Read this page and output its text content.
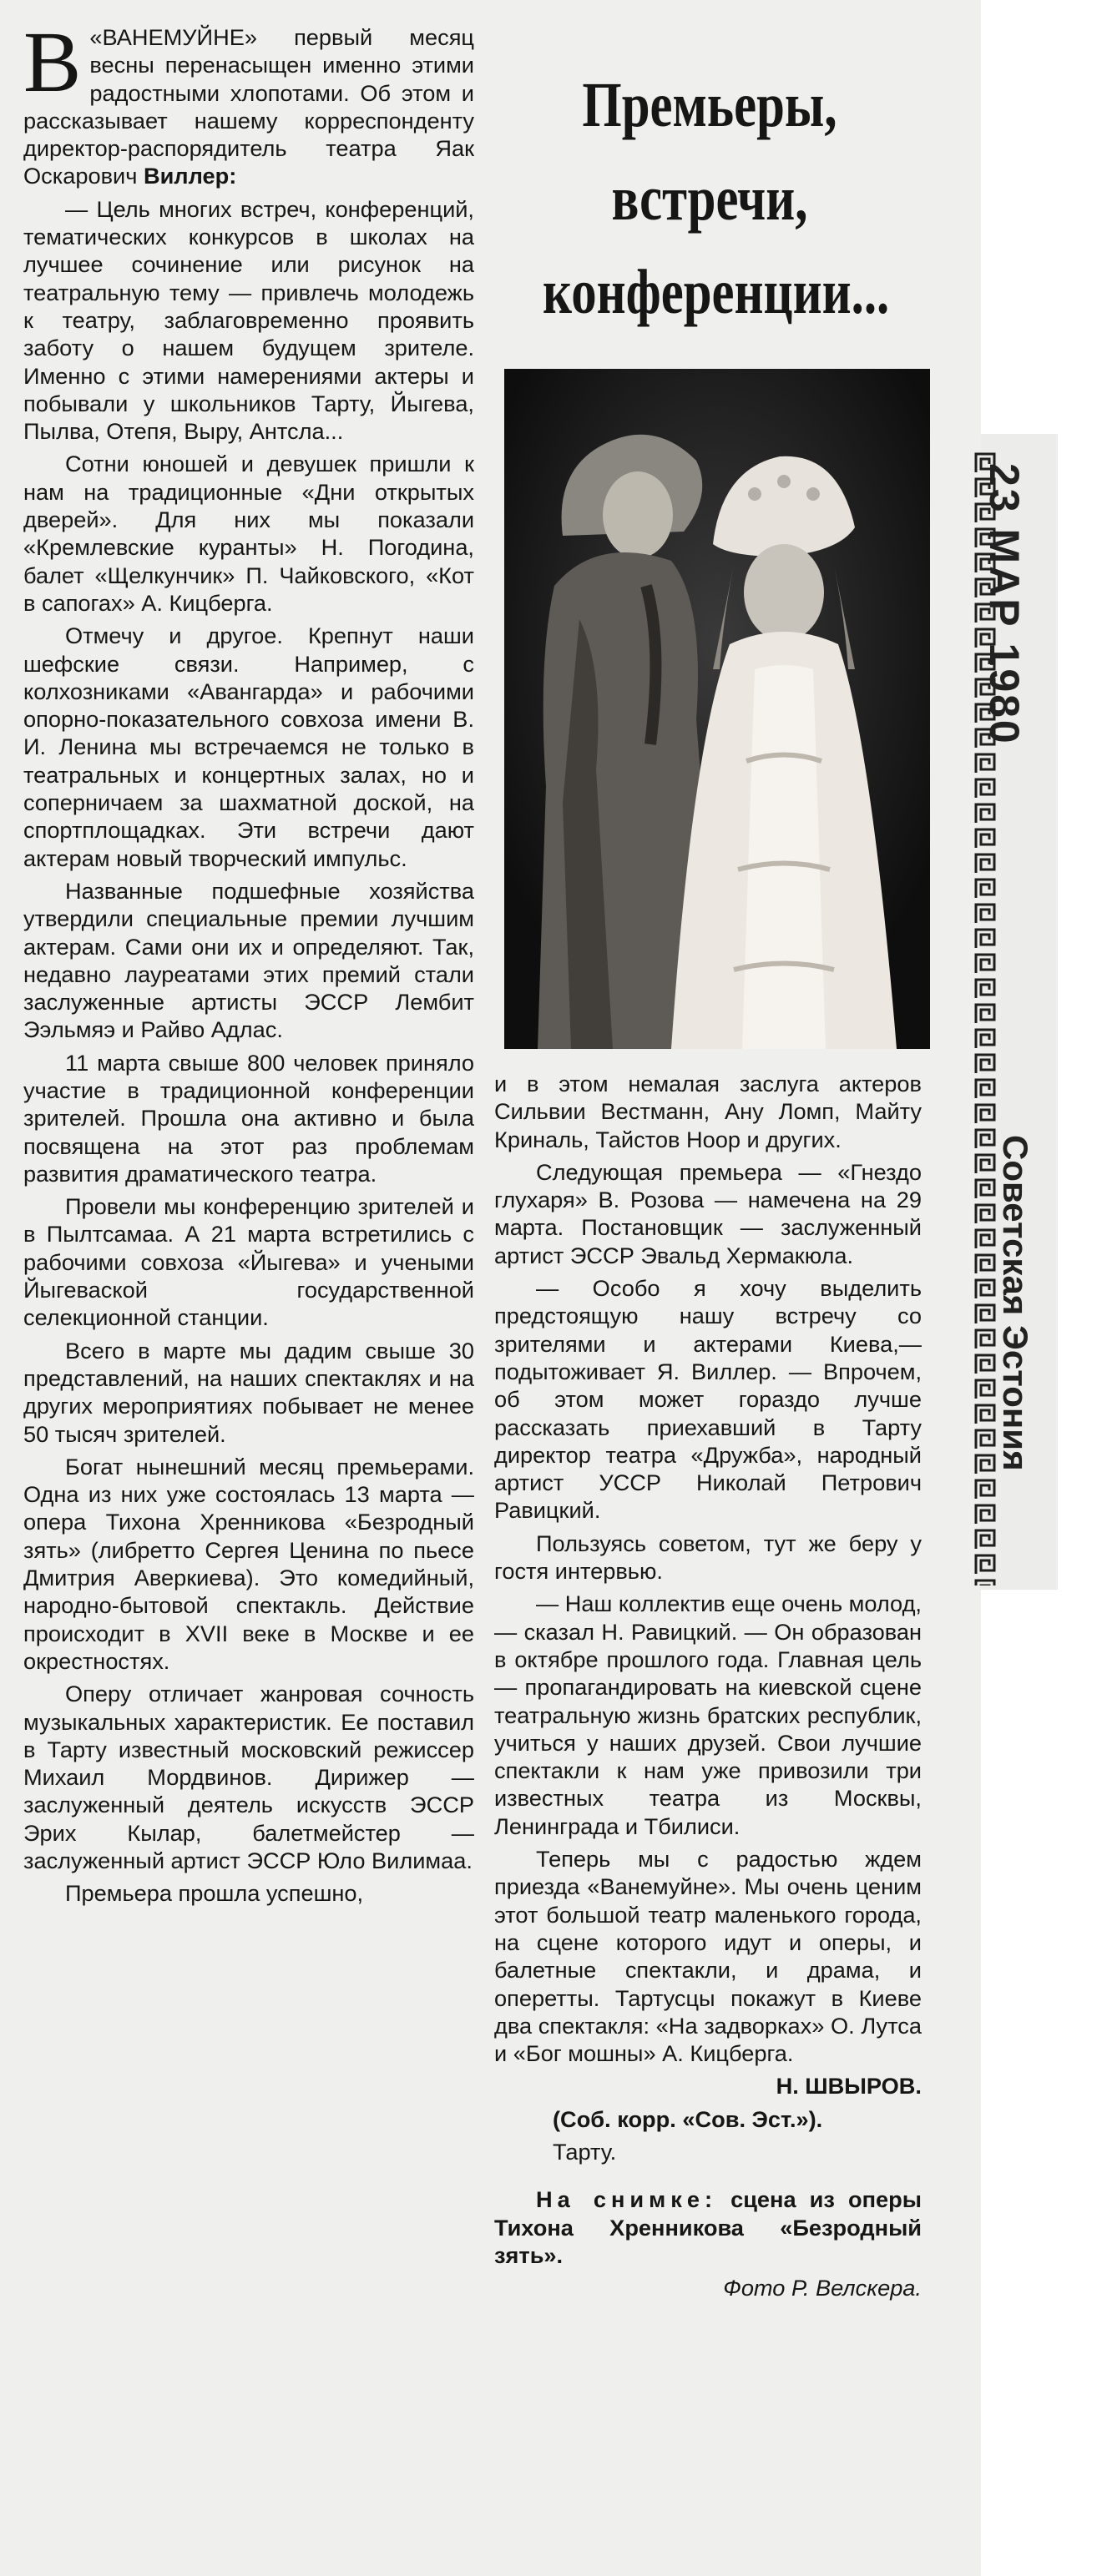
В «ВАНЕМУЙНЕ» первый месяц весны перенасыщен именно этими радостными хлопотами. Об этом и рассказывает нашему корреспонденту директор-распорядитель театра Яак Оскарович Виллер:

— Цель многих встреч, конференций, тематических конкурсов в школах на лучшее сочинение или рисунок на театральную тему — привлечь молодежь к театру, заблаговременно проявить заботу о нашем будущем зрителе. Именно с этими намерениями актеры и побывали у школьников Тарту, Йыгева, Пылва, Отепя, Выру, Антсла...

Сотни юношей и девушек пришли к нам на традиционные «Дни открытых дверей». Для них мы показали «Кремлевские куранты» Н. Погодина, балет «Щелкунчик» П. Чайковского, «Кот в сапогах» А. Кицберга.

Отмечу и другое. Крепнут наши шефские связи. Например, с колхозниками «Авангарда» и рабочими опорно-показательного совхоза имени В. И. Ленина мы встречаемся не только в театральных и концертных залах, но и соперничаем за шахматной доской, на спортплощадках. Эти встречи дают актерам новый творческий импульс.

Названные подшефные хозяйства утвердили специальные премии лучшим актерам. Сами они их и определяют. Так, недавно лауреатами этих премий стали заслуженные артисты ЭССР Лембит Ээльмяэ и Райво Адлас.

11 марта свыше 800 человек приняло участие в традиционной конференции зрителей. Прошла она активно и была посвящена на этот раз проблемам развития драматического театра.

Провели мы конференцию зрителей и в Пылтсамаа. А 21 марта встретились с рабочими совхоза «Йыгева» и учеными Йыгеваской государственной селекционной станции.

Всего в марте мы дадим свыше 30 представлений, на наших спектаклях и на других мероприятиях побывает не менее 50 тысяч зрителей.

Богат нынешний месяц премьерами. Одна из них уже состоялась 13 марта — опера Тихона Хренникова «Безродный зять» (либретто Сергея Ценина по пьесе Дмитрия Аверкиева). Это комедийный, народно-бытовой спектакль. Действие происходит в XVII веке в Москве и ее окрестностях.

Оперу отличает жанровая сочность музыкальных характеристик. Ее поставил в Тарту известный московский режиссер Михаил Мордвинов. Дирижер — заслуженный деятель искусств ЭССР Эрих Кылар, балетмейстер — заслуженный артист ЭССР Юло Вилимаа.

Премьера прошла успешно,

Премьеры,
встречи,
конференции...

и в этом немалая заслуга актеров Сильвии Вестманн, Ану Ломп, Майту Криналь, Тайстов Ноор и других.

Следующая премьера — «Гнездо глухаря» В. Розова — намечена на 29 марта. Постановщик — заслуженный артист ЭССР Эвальд Хермакюла.

— Особо я хочу выделить предстоящую нашу встречу со зрителями и актерами Киева,— подытоживает Я. Виллер. — Впрочем, об этом может гораздо лучше рассказать приехавший в Тарту директор театра «Дружба», народный артист УССР Николай Петрович Равицкий.

Пользуясь советом, тут же беру у гостя интервью.

— Наш коллектив еще очень молод, — сказал Н. Равицкий. — Он образован в октябре прошлого года. Главная цель — пропагандировать на киевской сцене театральную жизнь братских республик, учиться у наших друзей. Свои лучшие спектакли к нам уже привозили три известных театра из Москвы, Ленинграда и Тбилиси.

Теперь мы с радостью ждем приезда «Ванемуйне». Мы очень ценим этот большой театр маленького города, на сцене которого идут и оперы, и балетные спектакли, и драма, и оперетты. Тартусцы покажут в Киеве два спектакля: «На задворках» О. Лутса и «Бог мошны» А. Кицберга.

Н. ШВЫРОВ.

(Соб. корр. «Сов. Эст.»).

Тарту.

На снимке: сцена из оперы Тихона Хренникова «Безродный зять».

Фото Р. Велскера.

23 МАР 1980
Советская Эстония
